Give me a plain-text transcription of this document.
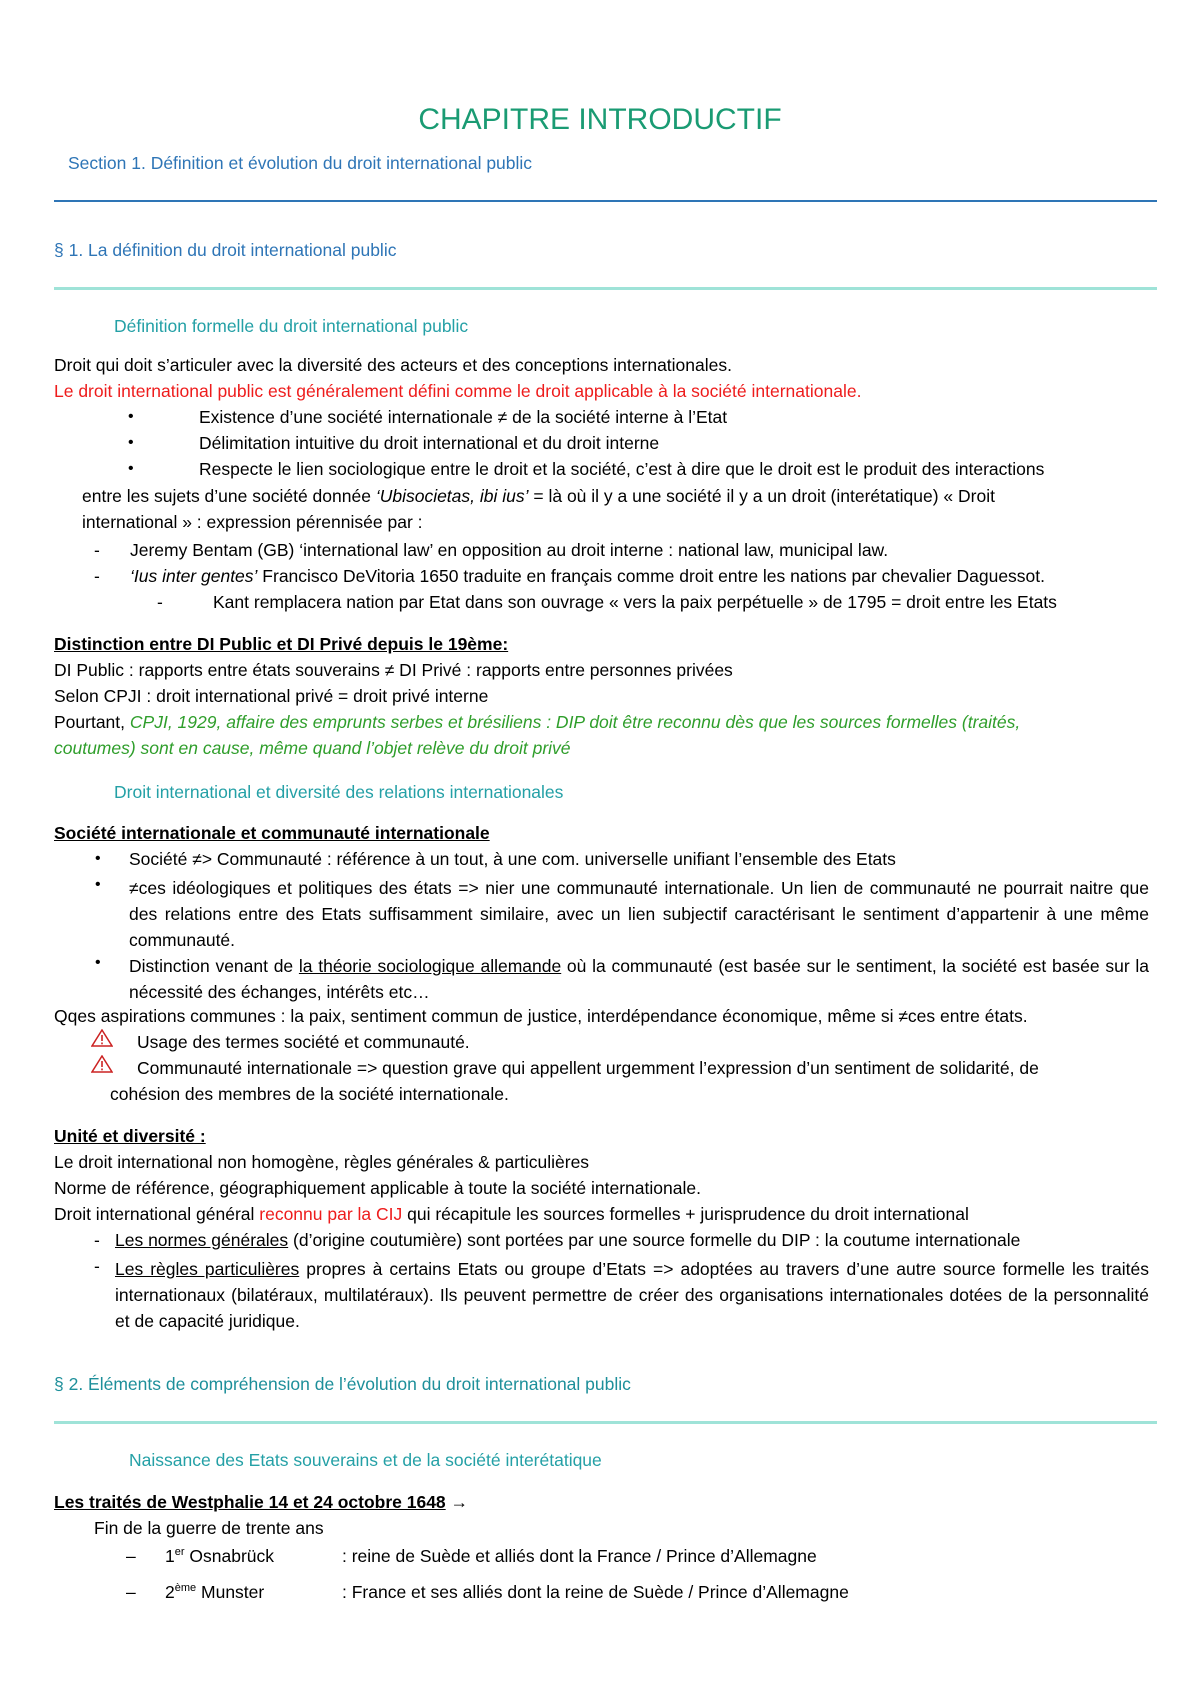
CHAPITRE INTRODUCTIF
Section 1. Définition et évolution du droit international public
§ 1. La définition du droit international public
Définition formelle du droit international public
Droit qui doit s’articuler avec la diversité des acteurs et des conceptions internationales.
Le droit international public est généralement défini comme le droit applicable à la société internationale.
•	Existence d’une société internationale ≠ de la société interne à l’Etat
•	Délimitation intuitive du droit international et du droit interne
•	Respecte le lien sociologique entre le droit et la société, c’est à dire que le droit est le produit des interactions
entre les sujets d’une société donnée ‘Ubisocietas, ibi ius’ = là où il y a une société il y a un droit (interétatique) « Droit
international » : expression pérennisée par :
- Jeremy Bentam (GB) ‘international law’ en opposition au droit interne : national law, municipal law.
- ‘Ius inter gentes’ Francisco DeVitoria 1650 traduite en français comme droit entre les nations par chevalier Daguessot.
-	Kant remplacera nation par Etat dans son ouvrage « vers la paix perpétuelle » de 1795 = droit entre les Etats
Distinction entre DI Public et DI Privé depuis le 19ème:
DI Public : rapports entre états souverains ≠ DI Privé : rapports entre personnes privées
Selon CPJI : droit international privé = droit privé interne
Pourtant, CPJI, 1929, affaire des emprunts serbes et brésiliens : DIP doit être reconnu dès que les sources formelles (traités,
coutumes) sont en cause, même quand l’objet relève du droit privé
Droit international et diversité des relations internationales
Société internationale et communauté internationale
• Société ≠> Communauté : référence à un tout, à une com. universelle unifiant l’ensemble des Etats
• ≠ces idéologiques et politiques des états => nier une communauté internationale. Un lien de communauté ne pourrait naitre que des relations entre des Etats suffisamment similaire, avec un lien subjectif caractérisant le sentiment d’appartenir à une même communauté.
• Distinction venant de la théorie sociologique allemande où la communauté (est basée sur le sentiment, la société est basée sur la nécessité des échanges, intérêts etc…
Qqes aspirations communes : la paix, sentiment commun de justice, interdépendance économique, même si ≠ces entre états.
Usage des termes société et communauté.
Communauté internationale => question grave qui appellent urgemment l’expression d’un sentiment de solidarité, de
cohésion des membres de la société internationale.
Unité et diversité :
Le droit international non homogène, règles générales & particulières
Norme de référence, géographiquement applicable à toute la société internationale.
Droit international général reconnu par la CIJ qui récapitule les sources formelles + jurisprudence du droit international
- Les normes générales (d’origine coutumière) sont portées par une source formelle du DIP : la coutume internationale
- Les règles particulières propres à certains Etats ou groupe d’Etats => adoptées au travers d’une autre source formelle les traités internationaux (bilatéraux, multilatéraux). Ils peuvent permettre de créer des organisations internationales dotées de la personnalité et de capacité juridique.
§ 2. Éléments de compréhension de l’évolution du droit international public
Naissance des Etats souverains et de la société interétatique
Les traités de Westphalie 14 et 24 octobre 1648 →
Fin de la guerre de trente ans
– 1er Osnabrück	: reine de Suède et alliés dont la France / Prince d’Allemagne
– 2ème Munster	: France et ses alliés dont la reine de Suède / Prince d’Allemagne
